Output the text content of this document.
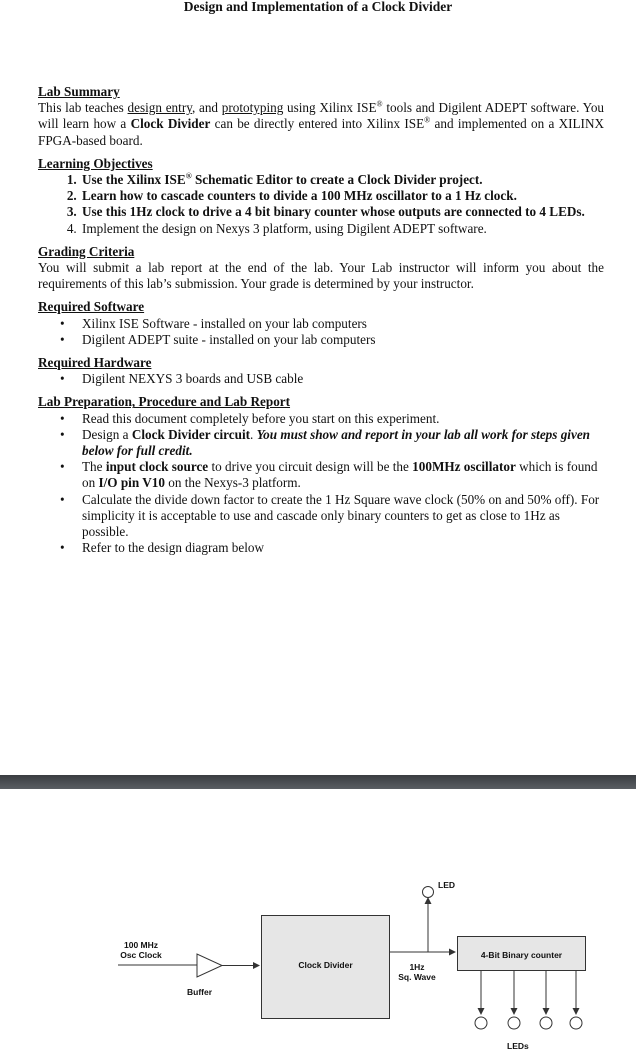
Design and Implementation of a Clock Divider

Lab Summary

This lab teaches design entry, and prototyping using Xilinx ISE® tools and Digilent ADEPT software. You will learn how a Clock Divider can be directly entered into Xilinx ISE® and implemented on a XILINX FPGA-based board.

Learning Objectives

1. Use the Xilinx ISE® Schematic Editor to create a Clock Divider project.
2. Learn how to cascade counters to divide a 100 MHz oscillator to a 1 Hz clock.
3. Use this 1Hz clock to drive a 4 bit binary counter whose outputs are connected to 4 LEDs.
4. Implement the design on Nexys 3 platform, using Digilent ADEPT software.

Grading Criteria

You will submit a lab report at the end of the lab. Your Lab instructor will inform you about the requirements of this lab’s submission. Your grade is determined by your instructor.

Required Software

• Xilinx ISE Software - installed on your lab computers
• Digilent ADEPT suite - installed on your lab computers

Required Hardware

• Digilent NEXYS 3 boards and USB cable

Lab Preparation, Procedure and Lab Report

• Read this document completely before you start on this experiment.
• Design a Clock Divider circuit. You must show and report in your lab all work for steps given below for full credit.
• The input clock source to drive you circuit design will be the 100MHz oscillator which is found on I/O pin V10 on the Nexys-3 platform.
• Calculate the divide down factor to create the 1 Hz Square wave clock (50% on and 50% off). For simplicity it is acceptable to use and cascade only binary counters to get as close to 1Hz as possible.
• Refer to the design diagram below
100 MHz
Osc Clock
Buffer
Clock Divider	1Hz
Sq. Wave
LED
4-Bit Binary counter
LEDs
